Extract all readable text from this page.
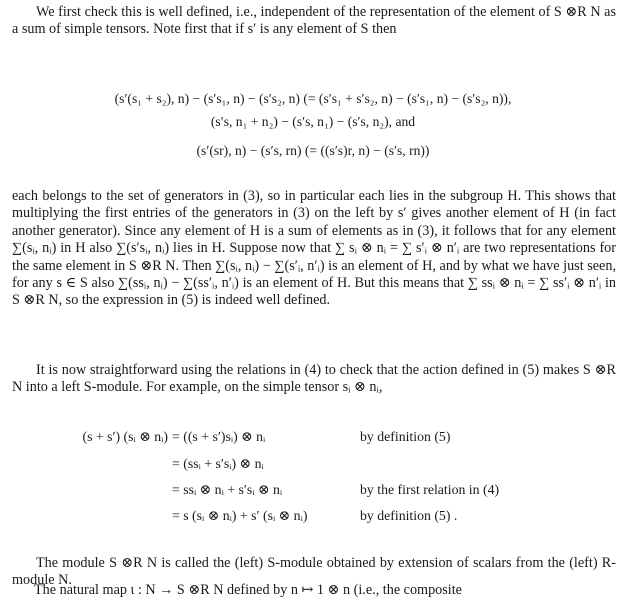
We first check this is well defined, i.e., independent of the representation of the element of S ⊗R N as a sum of simple tensors. Note first that if s′ is any element of S then

(s′(s₁ + s₂), n) − (s′s₁, n) − (s′s₂, n) (= (s′s₁ + s′s₂, n) − (s′s₁, n) − (s′s₂, n)),
(s′s, n₁ + n₂) − (s′s, n₁) − (s′s, n₂), and
(s′(sr), n) − (s′s, rn) (= ((s′s)r, n) − (s′s, rn))

each belongs to the set of generators in (3), so in particular each lies in the subgroup H. This shows that multiplying the first entries of the generators in (3) on the left by s′ gives another element of H (in fact another generator). Since any element of H is a sum of elements as in (3), it follows that for any element ∑(sᵢ, nᵢ) in H also ∑(s′sᵢ, nᵢ) lies in H. Suppose now that ∑ sᵢ ⊗ nᵢ = ∑ s′ᵢ ⊗ n′ᵢ are two representations for the same element in S ⊗R N. Then ∑(sᵢ, nᵢ) − ∑(s′ᵢ, n′ᵢ) is an element of H, and by what we have just seen, for any s ∈ S also ∑(ssᵢ, nᵢ) − ∑(ss′ᵢ, n′ᵢ) is an element of H. But this means that ∑ ssᵢ ⊗ nᵢ = ∑ ss′ᵢ ⊗ n′ᵢ in S ⊗R N, so the expression in (5) is indeed well defined.

It is now straightforward using the relations in (4) to check that the action defined in (5) makes S ⊗R N into a left S-module. For example, on the simple tensor sᵢ ⊗ nᵢ,

(s + s′) (sᵢ ⊗ nᵢ) = ((s + s′)sᵢ) ⊗ nᵢ	by definition (5)
= (ssᵢ + s′sᵢ) ⊗ nᵢ
= ssᵢ ⊗ nᵢ + s′sᵢ ⊗ nᵢ	by the first relation in (4)
= s (sᵢ ⊗ nᵢ) + s′ (sᵢ ⊗ nᵢ)	by definition (5) .

The module S ⊗R N is called the (left) S-module obtained by extension of scalars from the (left) R-module N.

The natural map ι : N → S ⊗R N defined by n ↦ 1 ⊗ n (i.e., the composite
